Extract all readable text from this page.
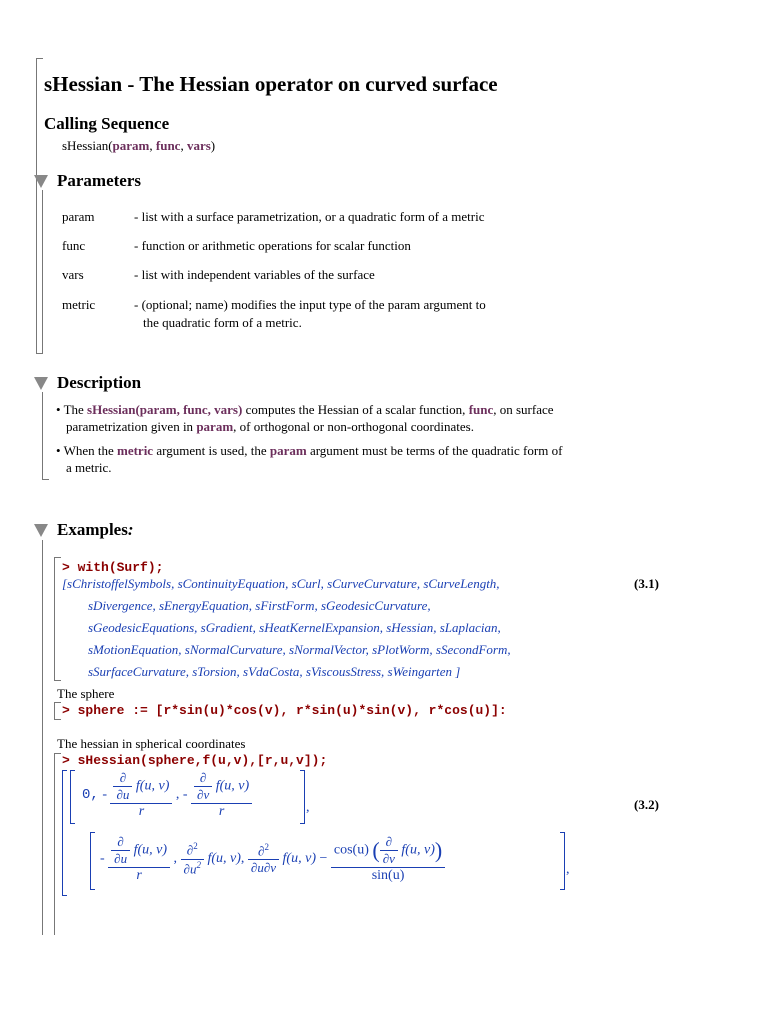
sHessian - The Hessian operator on curved surface
Calling Sequence
sHessian(param, func, vars)
Parameters
param	- list with a surface parametrization, or a quadratic form of a metric
func	- function or arithmetic operations for scalar function
vars	- list with independent variables of the surface
metric	- (optional; name) modifies the input type of the param argument to
the quadratic form of a metric.
Description
• The sHessian(param, func, vars) computes the Hessian of a scalar function, func, on surface
parametrization given in param, of orthogonal or non-orthogonal coordinates.
• When the metric argument is used, the param argument must be terms of the quadratic form of
a metric.
Examples:
> with(Surf);
[sChristoffelSymbols, sContinuityEquation, sCurl, sCurveCurvature, sCurveLength,
sDivergence, sEnergyEquation, sFirstForm, sGeodesicCurvature,
sGeodesicEquations, sGradient, sHeatKernelExpansion, sHessian, sLaplacian,
sMotionEquation, sNormalCurvature, sNormalVector, sPlotWorm, sSecondForm,
sSurfaceCurvature, sTorsion, sVdaCosta, sViscousStress, sWeingarten ]
(3.1)
The sphere
> sphere := [r*sin(u)*cos(v), r*sin(u)*sin(v), r*cos(u)]:
The hessian in spherical coordinates
> sHessian(sphere,f(u,v),[r,u,v]);
0, - $\frac{\frac{\partial}{\partial u} f(u, v)}{r}$ , - $\frac{\frac{\partial}{\partial v} f(u, v)}{r}$	,	(3.2)
- $\frac{\frac{\partial}{\partial u} f(u, v)}{r}$ , $\frac{\partial^2}{\partial u^2} f(u$, v), $\frac{\partial^2}{\partial u\partial v} f(u$, $v) - \frac{\cos(u) ( \frac{\partial}{\partial v} f(u, v))}{\sin(u)}$	,
